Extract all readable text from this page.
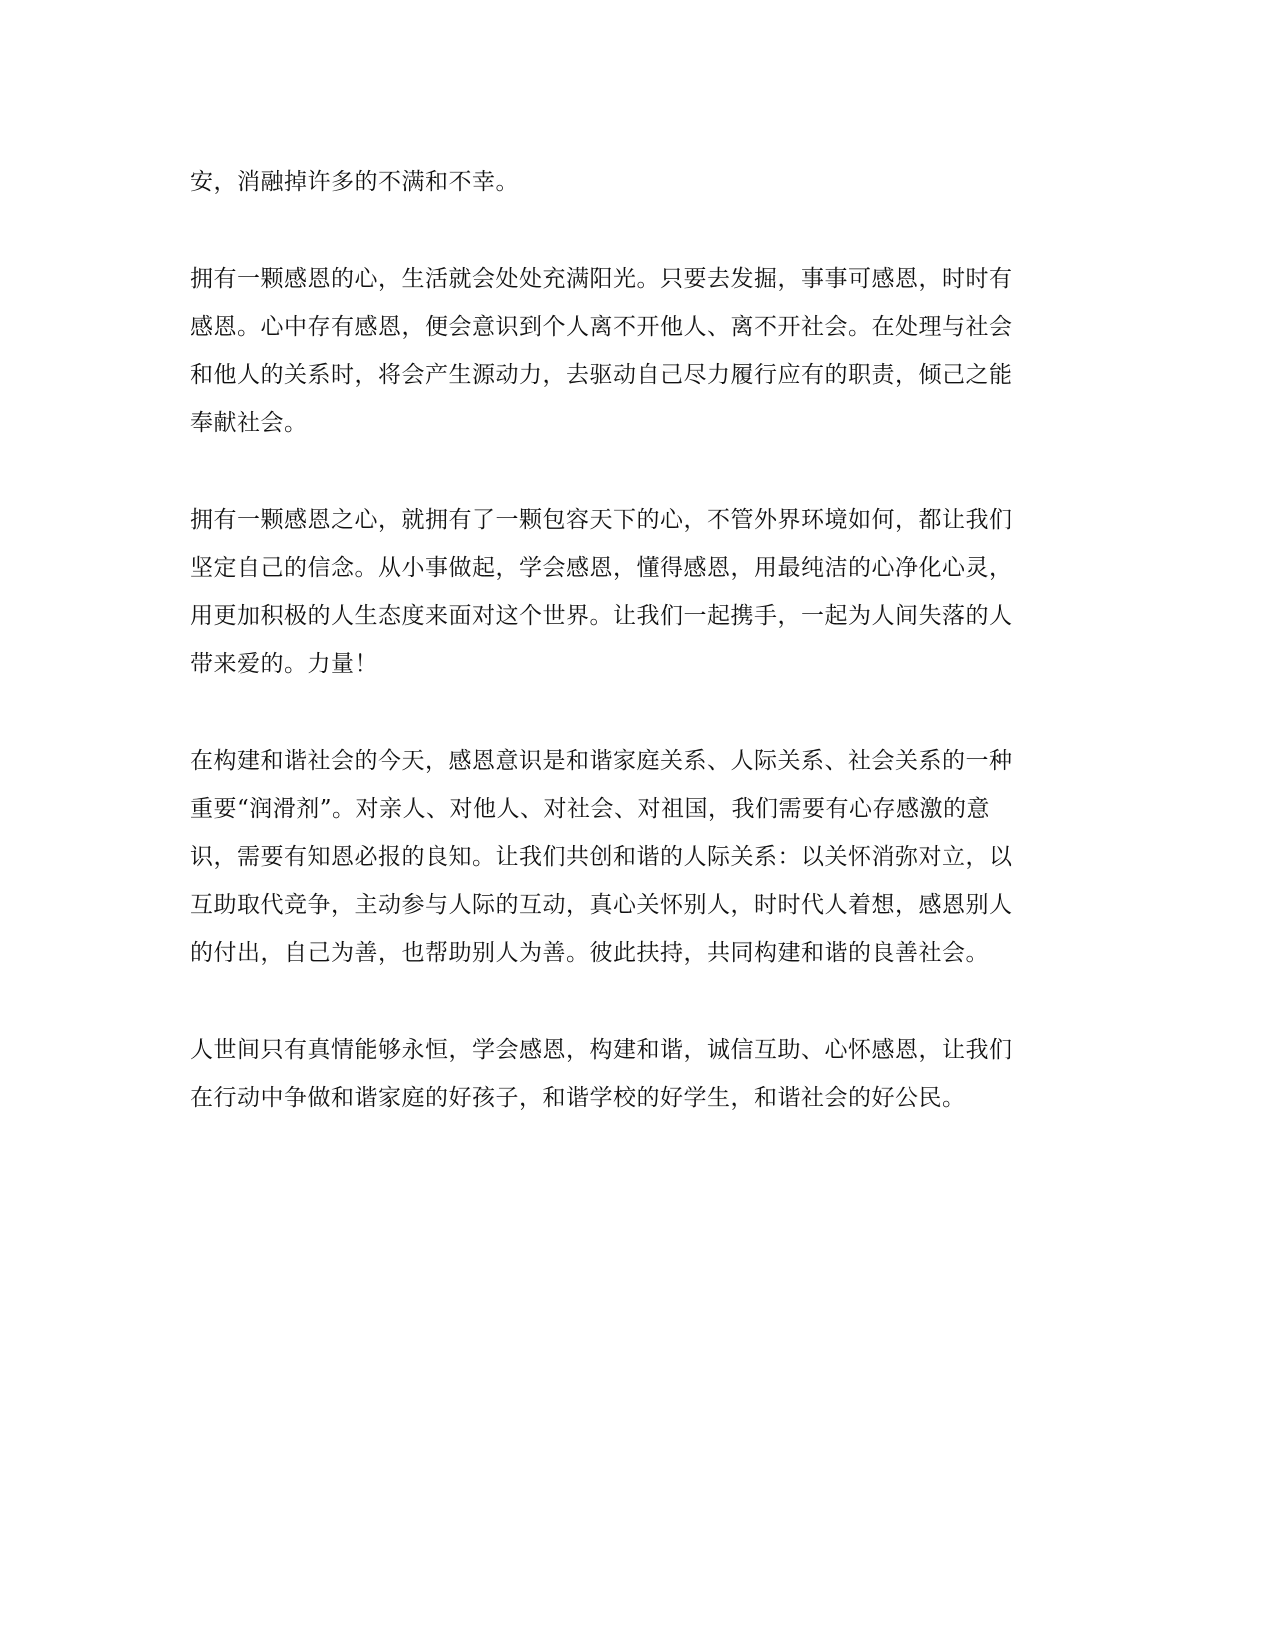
安，消融掉许多的不满和不幸。

拥有一颗感恩的心，生活就会处处充满阳光。只要去发掘，事事可感恩，时时有
感恩。心中存有感恩，便会意识到个人离不开他人、离不开社会。在处理与社会
和他人的关系时，将会产生源动力，去驱动自己尽力履行应有的职责，倾己之能
奉献社会。

拥有一颗感恩之心，就拥有了一颗包容天下的心，不管外界环境如何，都让我们
坚定自己的信念。从小事做起，学会感恩，懂得感恩，用最纯洁的心净化心灵，
用更加积极的人生态度来面对这个世界。让我们一起携手，一起为人间失落的人
带来爱的。力量！

在构建和谐社会的今天，感恩意识是和谐家庭关系、人际关系、社会关系的一种
重要“润滑剂”。对亲人、对他人、对社会、对祖国，我们需要有心存感激的意
识，需要有知恩必报的良知。让我们共创和谐的人际关系：以关怀消弥对立，以
互助取代竞争，主动参与人际的互动，真心关怀别人，时时代人着想，感恩别人
的付出，自己为善，也帮助别人为善。彼此扶持，共同构建和谐的良善社会。

人世间只有真情能够永恒，学会感恩，构建和谐，诚信互助、心怀感恩，让我们
在行动中争做和谐家庭的好孩子，和谐学校的好学生，和谐社会的好公民。
